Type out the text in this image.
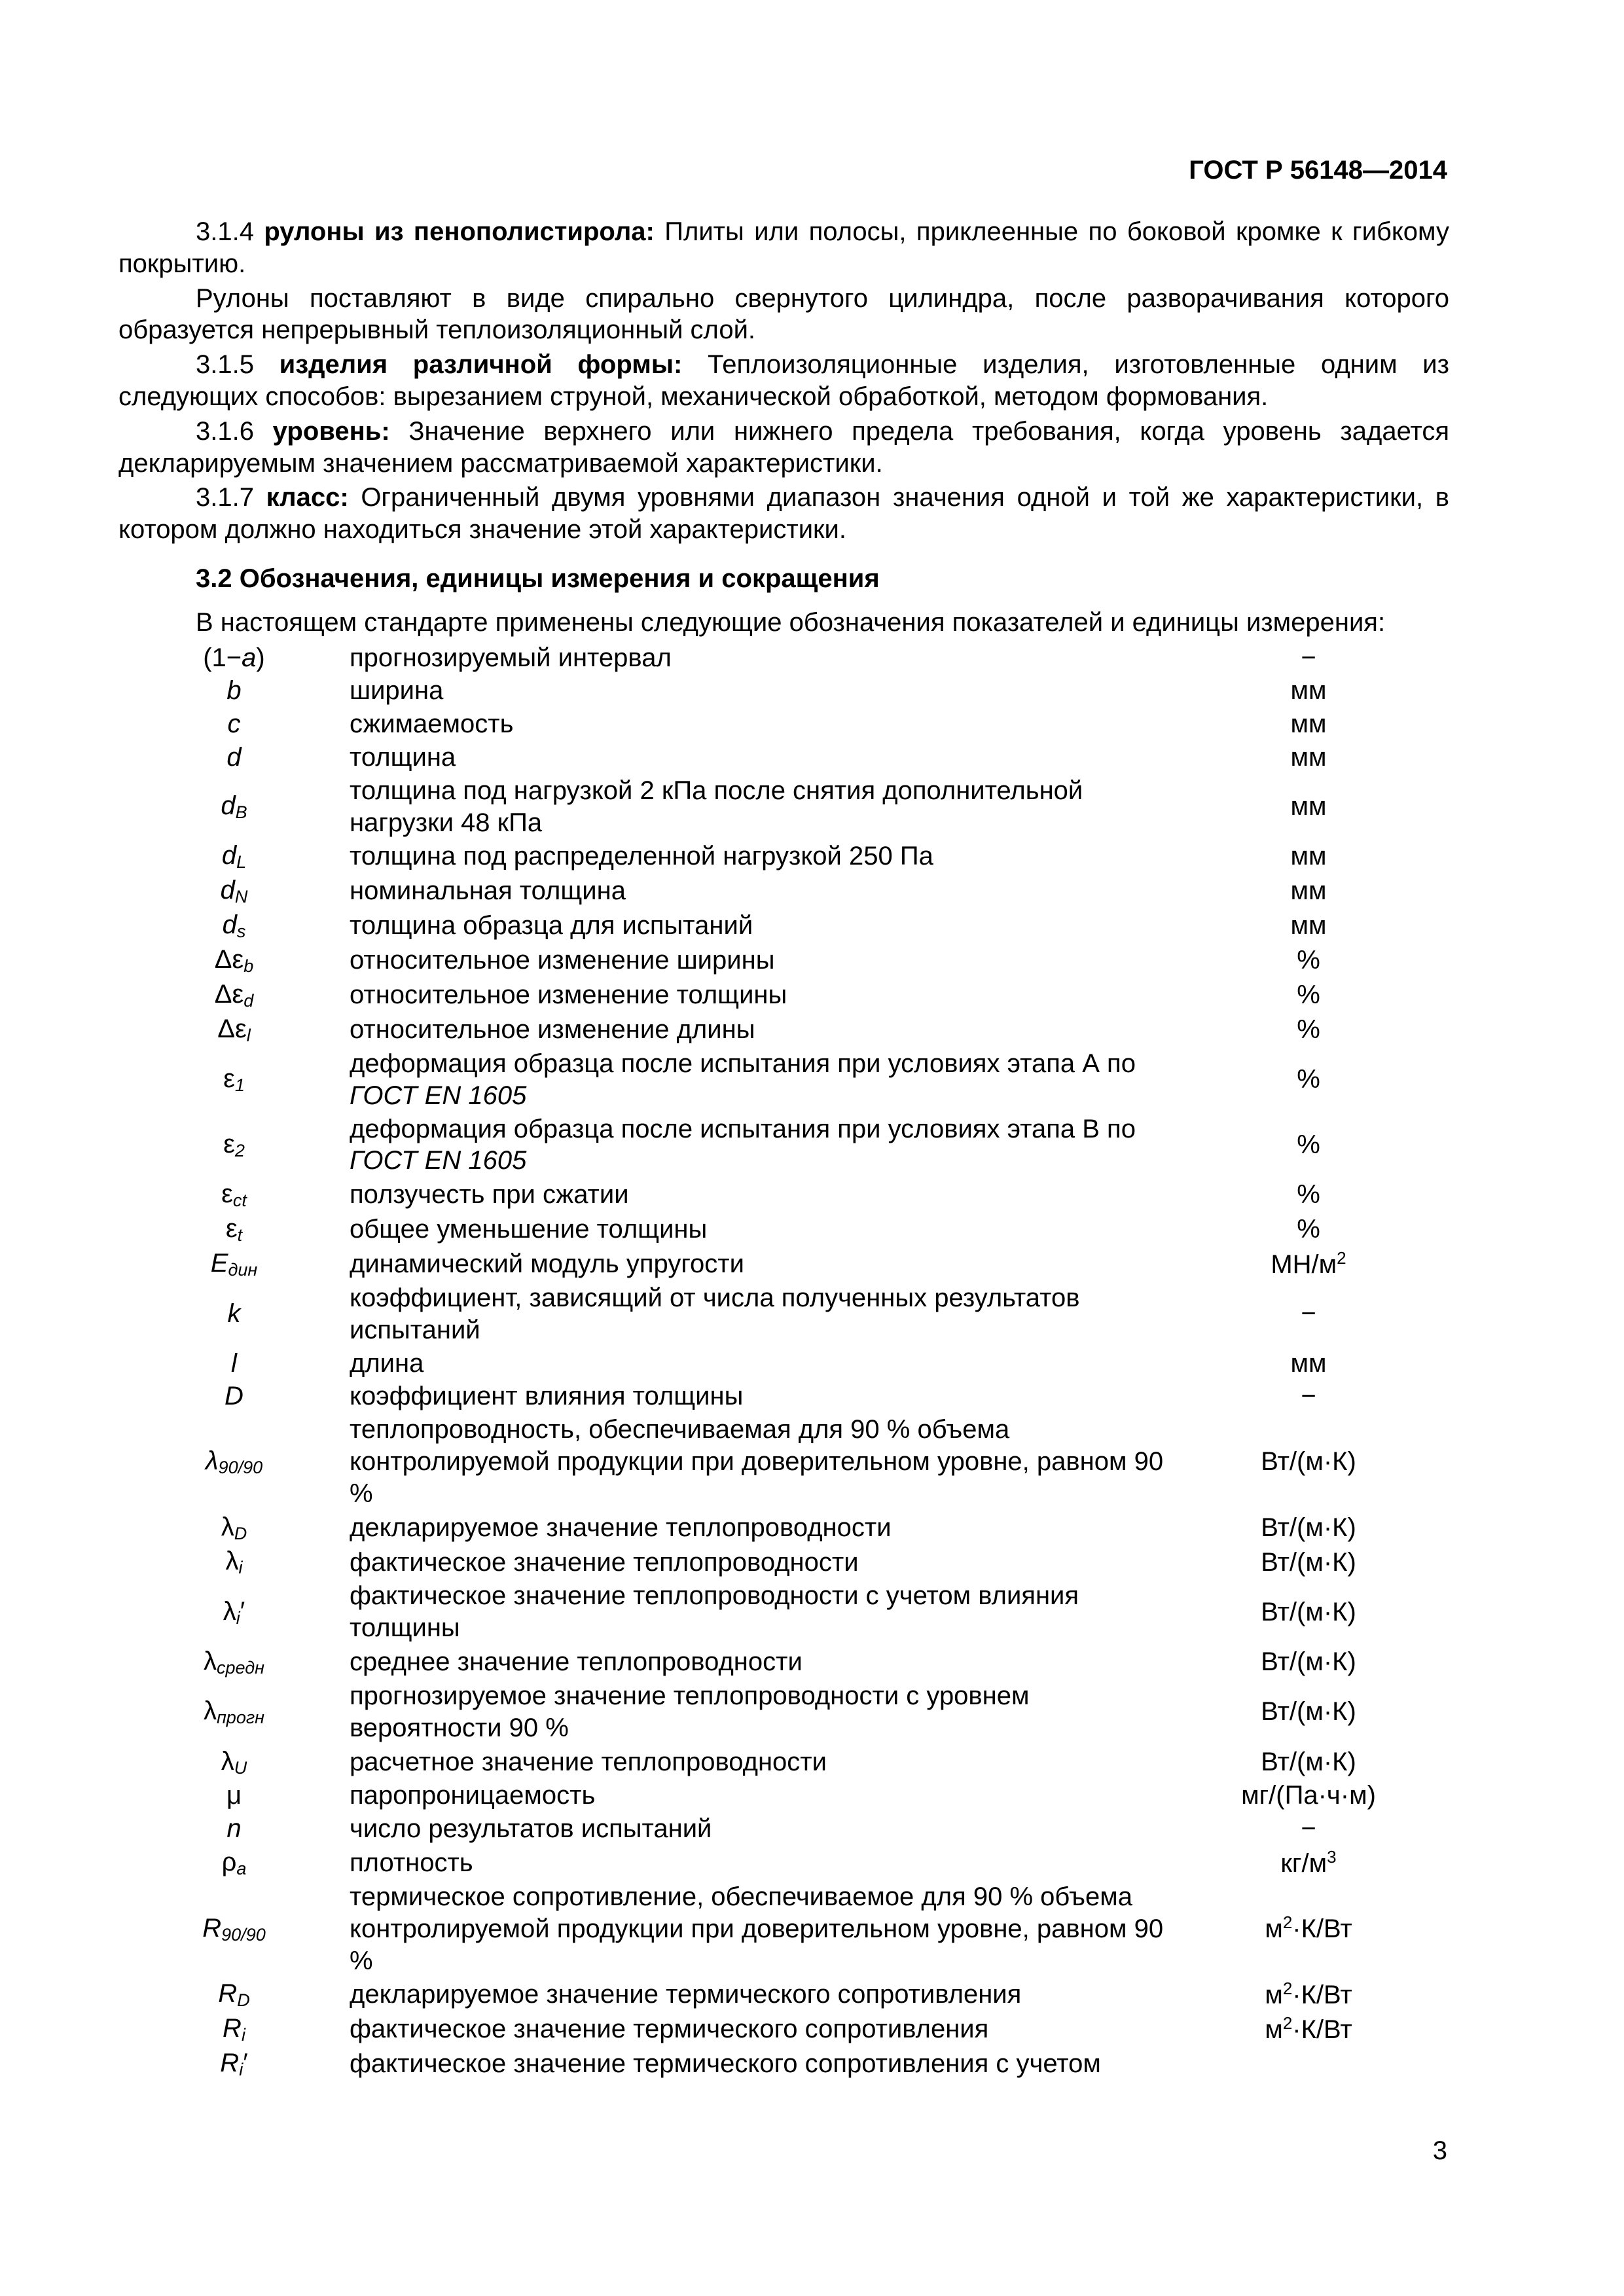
ГОСТ Р 56148—2014

3.1.4 рулоны из пенополистирола: Плиты или полосы, приклеенные по боковой кромке к гибкому покрытию.

Рулоны поставляют в виде спирально свернутого цилиндра, после разворачивания которого образуется непрерывный теплоизоляционный слой.

3.1.5 изделия различной формы: Теплоизоляционные изделия, изготовленные одним из следующих способов: вырезанием струной, механической обработкой, методом формования.

3.1.6 уровень: Значение верхнего или нижнего предела требования, когда уровень задается декларируемым значением рассматриваемой характеристики.

3.1.7 класс: Ограниченный двумя уровнями диапазон значения одной и той же характеристики, в котором должно находиться значение этой характеристики.

3.2 Обозначения, единицы измерения и сокращения
В настоящем стандарте применены следующие обозначения показателей и единицы измерения:
(1−a)	прогнозируемый интервал	−
b	ширина	мм
c	сжимаемость	мм
d	толщина	мм
$d_B$	толщина под нагрузкой 2 кПа после снятия дополнительной нагрузки 48 кПа	мм
$d_L$	толщина под распределенной нагрузкой 250 Па	мм
$d_N$	номинальная толщина	мм
$d_s$	толщина образца для испытаний	мм
$\Delta\varepsilon_b$	относительное изменение ширины	%
$\Delta\varepsilon_d$	относительное изменение толщины	%
$\Delta\varepsilon_l$	относительное изменение длины	%
$\varepsilon_1$	деформация образца после испытания при условиях этапа А по ГОСТ EN 1605	%
$\varepsilon_2$	деформация образца после испытания при условиях этапа В по ГОСТ EN 1605	%
$\varepsilon_{ct}$	ползучесть при сжатии	%
$\varepsilon_t$	общее уменьшение толщины	%
$E_{дин}$	динамический модуль упругости	$МН/м^2$
k	коэффициент, зависящий от числа полученных результатов испытаний	−
l	длина	мм
D	коэффициент влияния толщины	−
$\lambda_{90/90}$	теплопроводность, обеспечиваемая для 90 % объема контролируемой продукции при доверительном уровне, равном 90 %	Вт/(м·К)
$\lambda_D$	декларируемое значение теплопроводности	Вт/(м·К)
$\lambda_i$	фактическое значение теплопроводности	Вт/(м·К)
$\lambda_i'$	фактическое значение теплопроводности с учетом влияния толщины	Вт/(м·К)
$\lambda_{средн}$	среднее значение теплопроводности	Вт/(м·К)
$\lambda_{прогн}$	прогнозируемое значение теплопроводности с уровнем вероятности 90 %	Вт/(м·К)
$\lambda_U$	расчетное значение теплопроводности	Вт/(м·К)
μ	паропроницаемость	мг/(Па·ч·м)
n	число результатов испытаний	−
$\rho_a$	плотность	$кг/м^3$
$R_{90/90}$	термическое сопротивление, обеспечиваемое для 90 % объема контролируемой продукции при доверительном уровне, равном 90 %	$м^2\cdot К/Вт$
$R_D$	декларируемое значение термического сопротивления	$м^2\cdot К/Вт$
$R_i$	фактическое значение термического сопротивления	$м^2\cdot К/Вт$
$R_i'$	фактическое значение термического сопротивления с учетом	
3
